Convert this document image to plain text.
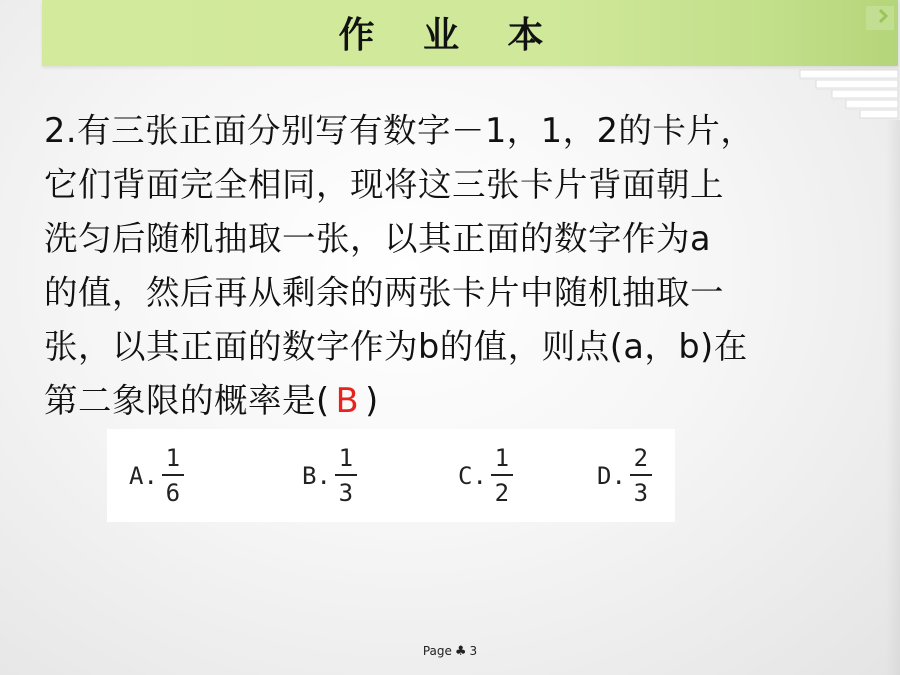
作 业 本
2.有三张正面分别写有数字－1，1，2的卡片，
它们背面完全相同，现将这三张卡片背面朝上
洗匀后随机抽取一张，以其正面的数字作为a
的值，然后再从剩余的两张卡片中随机抽取一
张，以其正面的数字作为b的值，则点(a，b)在
第二象限的概率是( B )
A. $\frac{1}{6}$	B. $\frac{1}{3}$	C. $\frac{1}{2}$	D. $\frac{2}{3}$
Page ♣ 3
